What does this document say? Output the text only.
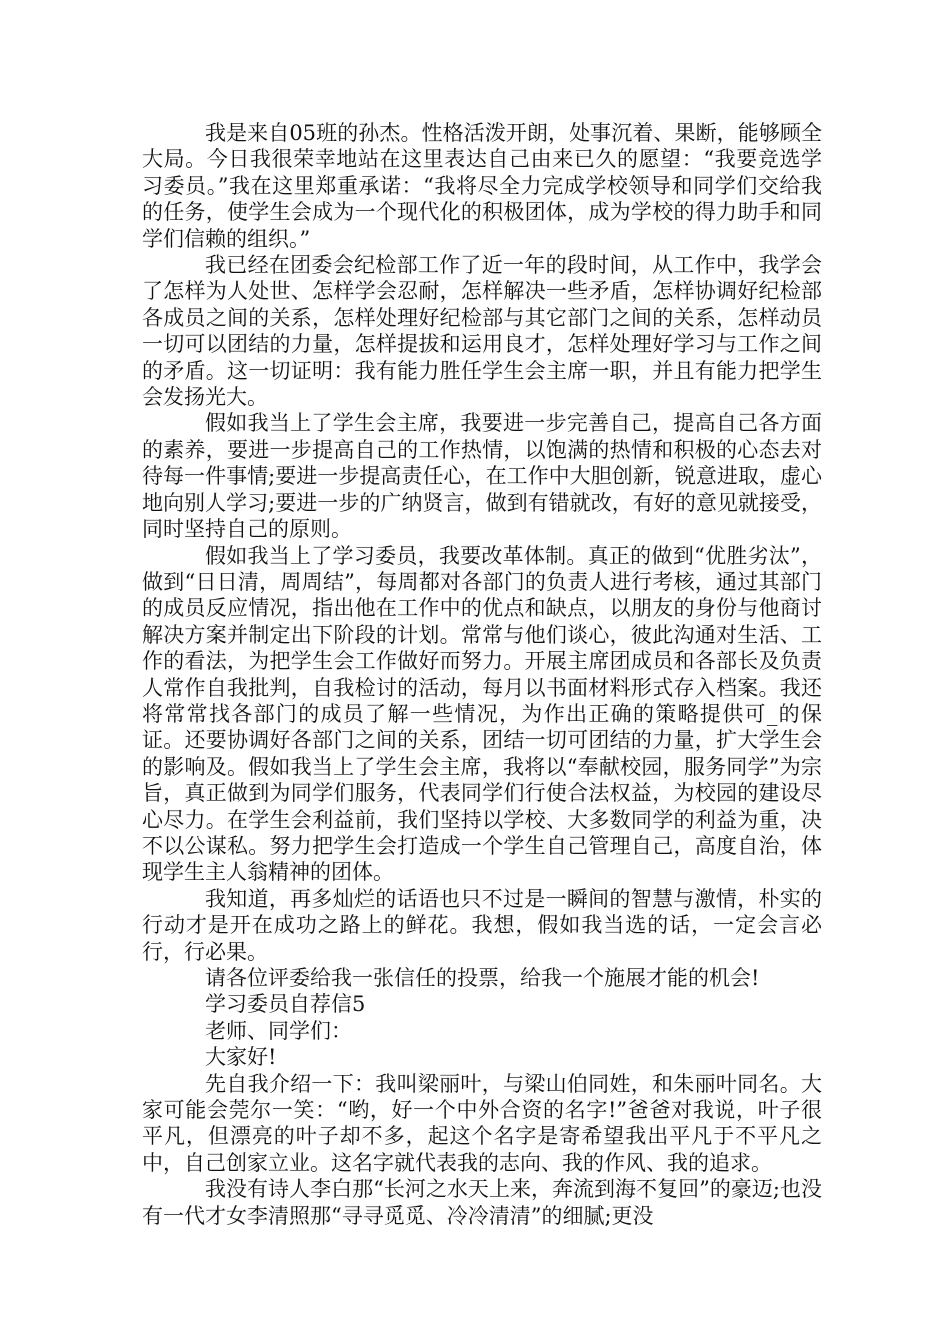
我是来自05班的孙杰。性格活泼开朗，处事沉着、果断，能够顾全大局。今日我很荣幸地站在这里表达自己由来已久的愿望：“我要竞选学习委员。”我在这里郑重承诺：“我将尽全力完成学校领导和同学们交给我的任务，使学生会成为一个现代化的积极团体，成为学校的得力助手和同学们信赖的组织。”

我已经在团委会纪检部工作了近一年的段时间，从工作中，我学会了怎样为人处世、怎样学会忍耐，怎样解决一些矛盾，怎样协调好纪检部各成员之间的关系，怎样处理好纪检部与其它部门之间的关系，怎样动员一切可以团结的力量，怎样提拔和运用良才，怎样处理好学习与工作之间的矛盾。这一切证明：我有能力胜任学生会主席一职，并且有能力把学生会发扬光大。

假如我当上了学生会主席，我要进一步完善自己，提高自己各方面的素养，要进一步提高自己的工作热情，以饱满的热情和积极的心态去对待每一件事情;要进一步提高责任心，在工作中大胆创新，锐意进取，虚心地向别人学习;要进一步的广纳贤言，做到有错就改，有好的意见就接受，同时坚持自己的原则。

假如我当上了学习委员，我要改革体制。真正的做到“优胜劣汰”，做到“日日清，周周结”，每周都对各部门的负责人进行考核，通过其部门的成员反应情况，指出他在工作中的优点和缺点，以朋友的身份与他商讨解决方案并制定出下阶段的计划。常常与他们谈心，彼此沟通对生活、工作的看法，为把学生会工作做好而努力。开展主席团成员和各部长及负责人常作自我批判，自我检讨的活动，每月以书面材料形式存入档案。我还将常常找各部门的成员了解一些情况，为作出正确的策略提供可_的保证。还要协调好各部门之间的关系，团结一切可团结的力量，扩大学生会的影响及。假如我当上了学生会主席，我将以“奉献校园，服务同学”为宗旨，真正做到为同学们服务，代表同学们行使合法权益，为校园的建设尽心尽力。在学生会利益前，我们坚持以学校、大多数同学的利益为重，决不以公谋私。努力把学生会打造成一个学生自己管理自己，高度自治，体现学生主人翁精神的团体。

我知道，再多灿烂的话语也只不过是一瞬间的智慧与激情，朴实的行动才是开在成功之路上的鲜花。我想，假如我当选的话，一定会言必行，行必果。

请各位评委给我一张信任的投票，给我一个施展才能的机会!

学习委员自荐信5

老师、同学们：

大家好!

先自我介绍一下：我叫梁丽叶，与梁山伯同姓，和朱丽叶同名。大家可能会莞尔一笑：“哟，好一个中外合资的名字!”爸爸对我说，叶子很平凡，但漂亮的叶子却不多，起这个名字是寄希望我出平凡于不平凡之中，自己创家立业。这名字就代表我的志向、我的作风、我的追求。

我没有诗人李白那“长河之水天上来，奔流到海不复回”的豪迈;也没有一代才女李清照那“寻寻觅觅、冷冷清清”的细腻;更没
